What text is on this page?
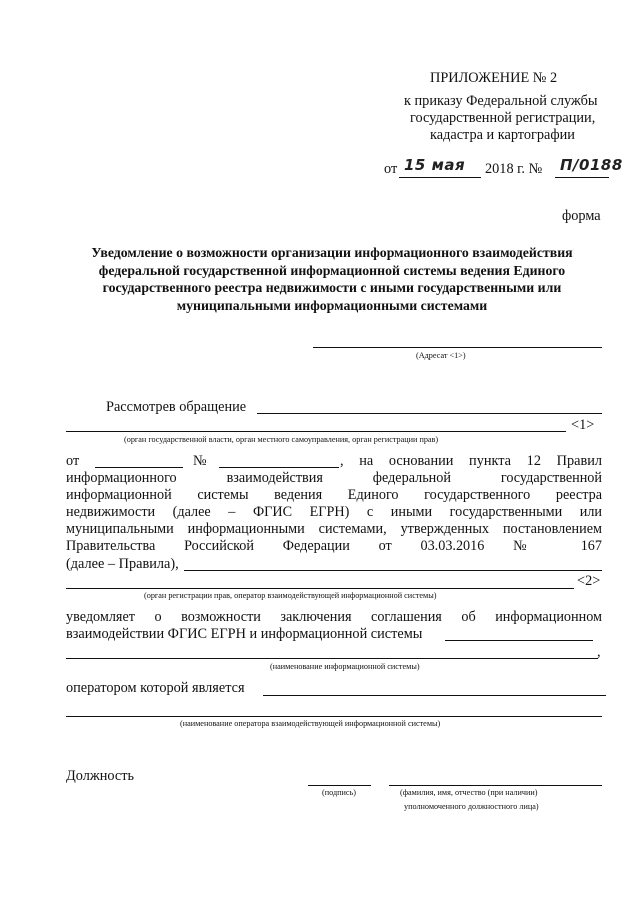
ПРИЛОЖЕНИЕ № 2
к приказу Федеральной службы
государственной регистрации,
кадастра и картографии
от 15 мая 2018 г. № П/0188
форма
Уведомление о возможности организации информационного взаимодействия федеральной государственной информационной системы ведения Единого государственного реестра недвижимости с иными государственными или муниципальными информационными системами
(Адресат <1>)
Рассмотрев обращение
<1>
(орган государственной власти, орган местного самоуправления, орган регистрации прав)
от	№	, на основании пункта 12 Правил
информационного взаимодействия федеральной государственной
информационной системы ведения Единого государственного реестра
недвижимости (далее – ФГИС ЕГРН) с иными государственными или
муниципальными информационными системами, утвержденных постановлением
Правительства Российской Федерации от 03.03.2016 № 167
(далее – Правила),
<2>
(орган регистрации прав, оператор взаимодействующей информационной системы)
уведомляет о возможности заключения соглашения об информационном
взаимодействии ФГИС ЕГРН и информационной системы
,
(наименование информационной системы)
оператором которой является
(наименование оператора взаимодействующей информационной системы)
Должность
(подпись)	(фамилия, имя, отчество (при наличии)
уполномоченного должностного лица)
